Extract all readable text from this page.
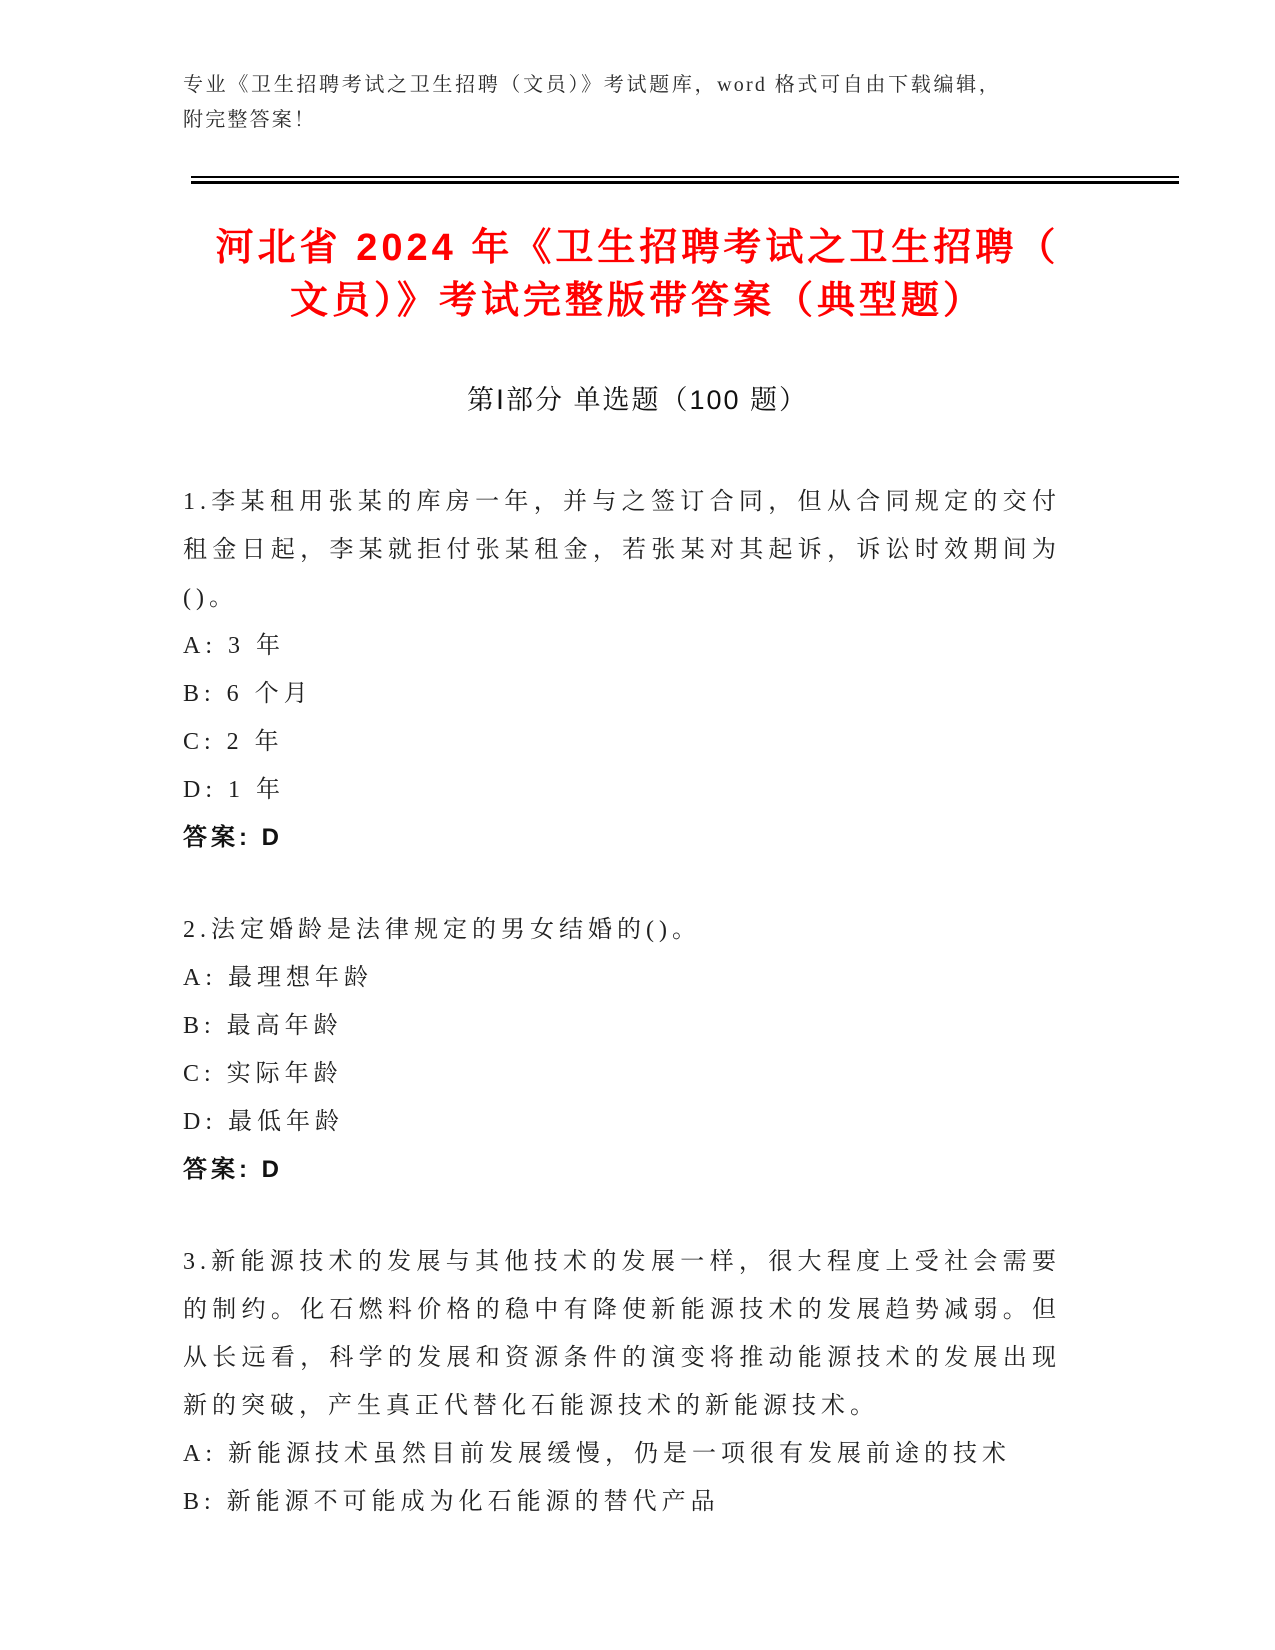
专业《卫生招聘考试之卫生招聘（文员）》考试题库，word 格式可自由下载编辑，附完整答案！
河北省 2024 年《卫生招聘考试之卫生招聘（
文员）》考试完整版带答案（典型题）
第Ⅰ部分 单选题（100 题）
1.李某租用张某的库房一年，并与之签订合同，但从合同规定的交付租金日起，李某就拒付张某租金，若张某对其起诉，诉讼时效期间为()。
A: 3 年
B: 6 个月
C: 2 年
D: 1 年
答案: D
2.法定婚龄是法律规定的男女结婚的()。
A: 最理想年龄
B: 最高年龄
C: 实际年龄
D: 最低年龄
答案: D
3.新能源技术的发展与其他技术的发展一样，很大程度上受社会需要的制约。化石燃料价格的稳中有降使新能源技术的发展趋势减弱。但从长远看，科学的发展和资源条件的演变将推动能源技术的发展出现新的突破，产生真正代替化石能源技术的新能源技术。
A: 新能源技术虽然目前发展缓慢，仍是一项很有发展前途的技术
B: 新能源不可能成为化石能源的替代产品
